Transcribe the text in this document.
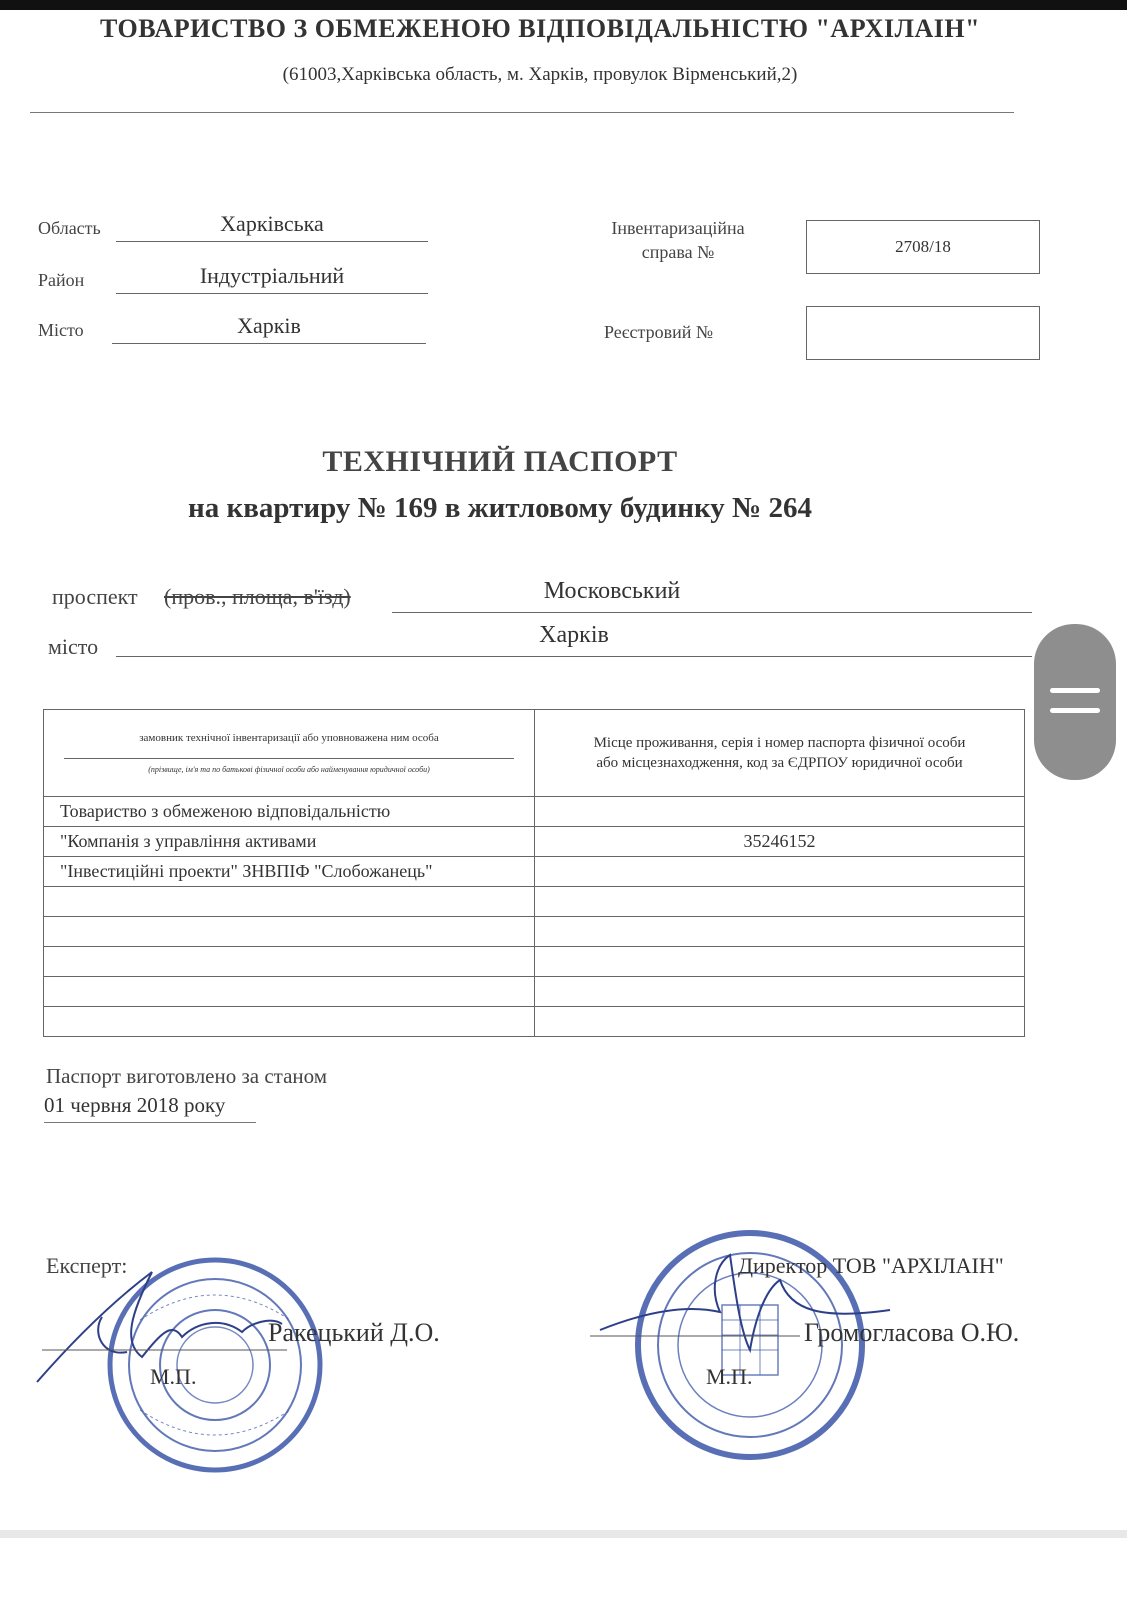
ТОВАРИСТВО З ОБМЕЖЕНОЮ ВІДПОВІДАЛЬНІСТЮ "АРХІЛАІН"
(61003,Харківська область, м. Харків, провулок Вірменський,2)
Область	Харківська
Район	Індустріальний
Місто	Харків
Інвентаризаційна
справа №	2708/18
Реєстровий №
ТЕХНІЧНИЙ ПАСПОРТ
на квартиру № 169 в житловому будинку № 264
проспект (пров., площа, в'їзд)	Московський
місто	Харків
замовник технічної інвентаризації або уповноважена ним особа
(прізвище, ім'я та по батькові фізичної особи або найменування юридичної особи)	Місце проживання, серія і номер паспорта фізичної особи або місцезнаходження, код за ЄДРПОУ юридичної особи

Товариство з обмеженою відповідальністю	
"Компанія з управління активами	35246152
"Інвестиційні проекти" ЗНВПІФ "Слобожанець"	

Паспорт виготовлено за станом
01 червня 2018 року
Експерт:
Ракецький Д.О.
М.П.
Директор ТОВ "АРХІЛАІН"
Громогласова О.Ю.
М.П.
